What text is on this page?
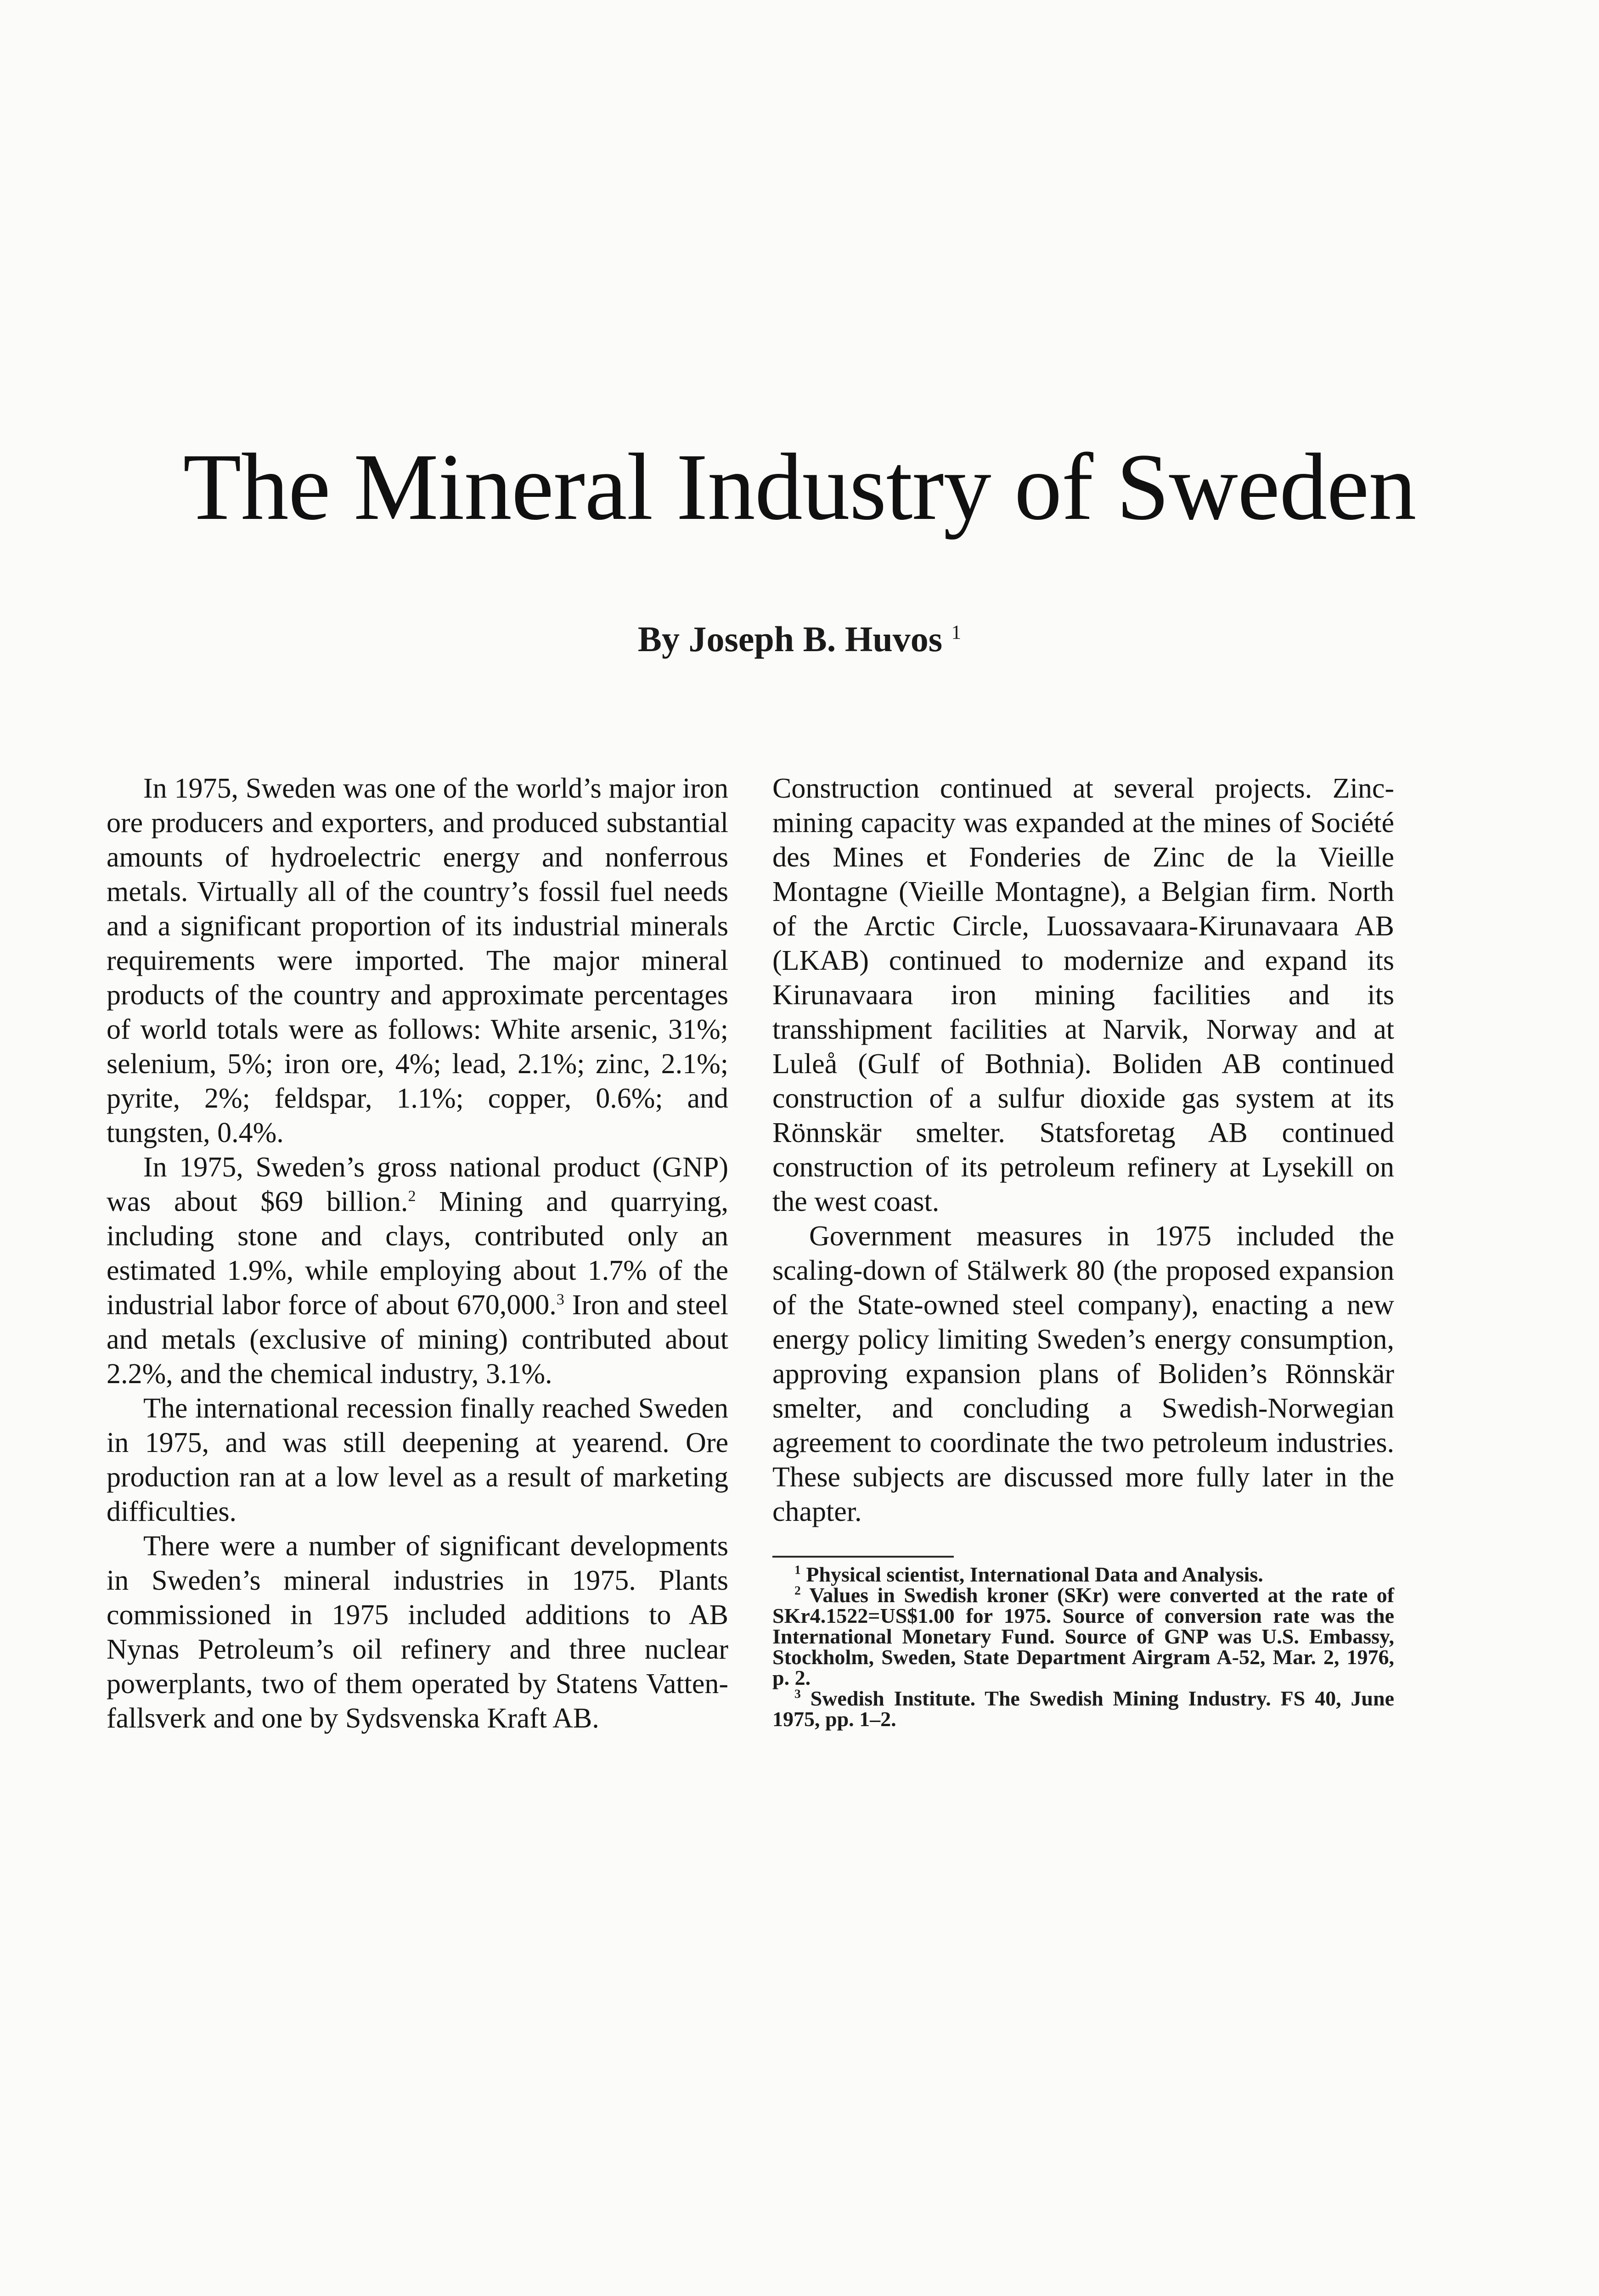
The Mineral Industry of Sweden
By Joseph B. Huvos $^1$

In 1975, Sweden was one of the world’s major iron ore producers and exporters, and produced substantial amounts of hydroelectric energy and nonferrous metals. Virtually all of the country’s fossil fuel needs and a significant proportion of its industrial minerals requirements were imported. The major mineral products of the country and approximate percentages of world totals were as follows: White arsenic, 31%; selenium, 5%; iron ore, 4%; lead, 2.1%; zinc, 2.1%; pyrite, 2%; feldspar, 1.1%; copper, 0.6%; and tungsten, 0.4%.

In 1975, Sweden’s gross national product (GNP) was about $69 billion.$^2$ Mining and quarrying, including stone and clays, contributed only an estimated 1.9%, while employing about 1.7% of the industrial labor force of about 670,000.$^3$ Iron and steel and metals (exclusive of mining) contributed about 2.2%, and the chemical industry, 3.1%.

The international recession finally reached Sweden in 1975, and was still deepening at yearend. Ore production ran at a low level as a result of marketing difficulties.

There were a number of significant developments in Sweden’s mineral industries in 1975. Plants commissioned in 1975 included additions to AB Nynas Petroleum’s oil refinery and three nuclear powerplants, two of them operated by Statens Vattenfallsverk and one by Sydsvenska Kraft AB.

Construction continued at several projects. Zinc-mining capacity was expanded at the mines of Société des Mines et Fonderies de Zinc de la Vieille Montagne (Vieille Montagne), a Belgian firm. North of the Arctic Circle, Luossavaara-Kirunavaara AB (LKAB) continued to modernize and expand its Kirunavaara iron mining facilities and its transshipment facilities at Narvik, Norway and at Luleå (Gulf of Bothnia). Boliden AB continued construction of a sulfur dioxide gas system at its Rönnskär smelter. Statsforetag AB continued construction of its petroleum refinery at Lysekill on the west coast.

Government measures in 1975 included the scaling-down of Stälwerk 80 (the proposed expansion of the State-owned steel company), enacting a new energy policy limiting Sweden’s energy consumption, approving expansion plans of Boliden’s Rönnskär smelter, and concluding a Swedish-Norwegian agreement to coordinate the two petroleum industries. These subjects are discussed more fully later in the chapter.

$^1$ Physical scientist, International Data and Analysis.

$^2$ Values in Swedish kroner (SKr) were converted at the rate of SKr4.1522=US$1.00 for 1975. Source of conversion rate was the International Monetary Fund. Source of GNP was U.S. Embassy, Stockholm, Sweden, State Department Airgram A-52, Mar. 2, 1976, p. 2.

$^3$ Swedish Institute. The Swedish Mining Industry. FS 40, June 1975, pp. 1–2.
